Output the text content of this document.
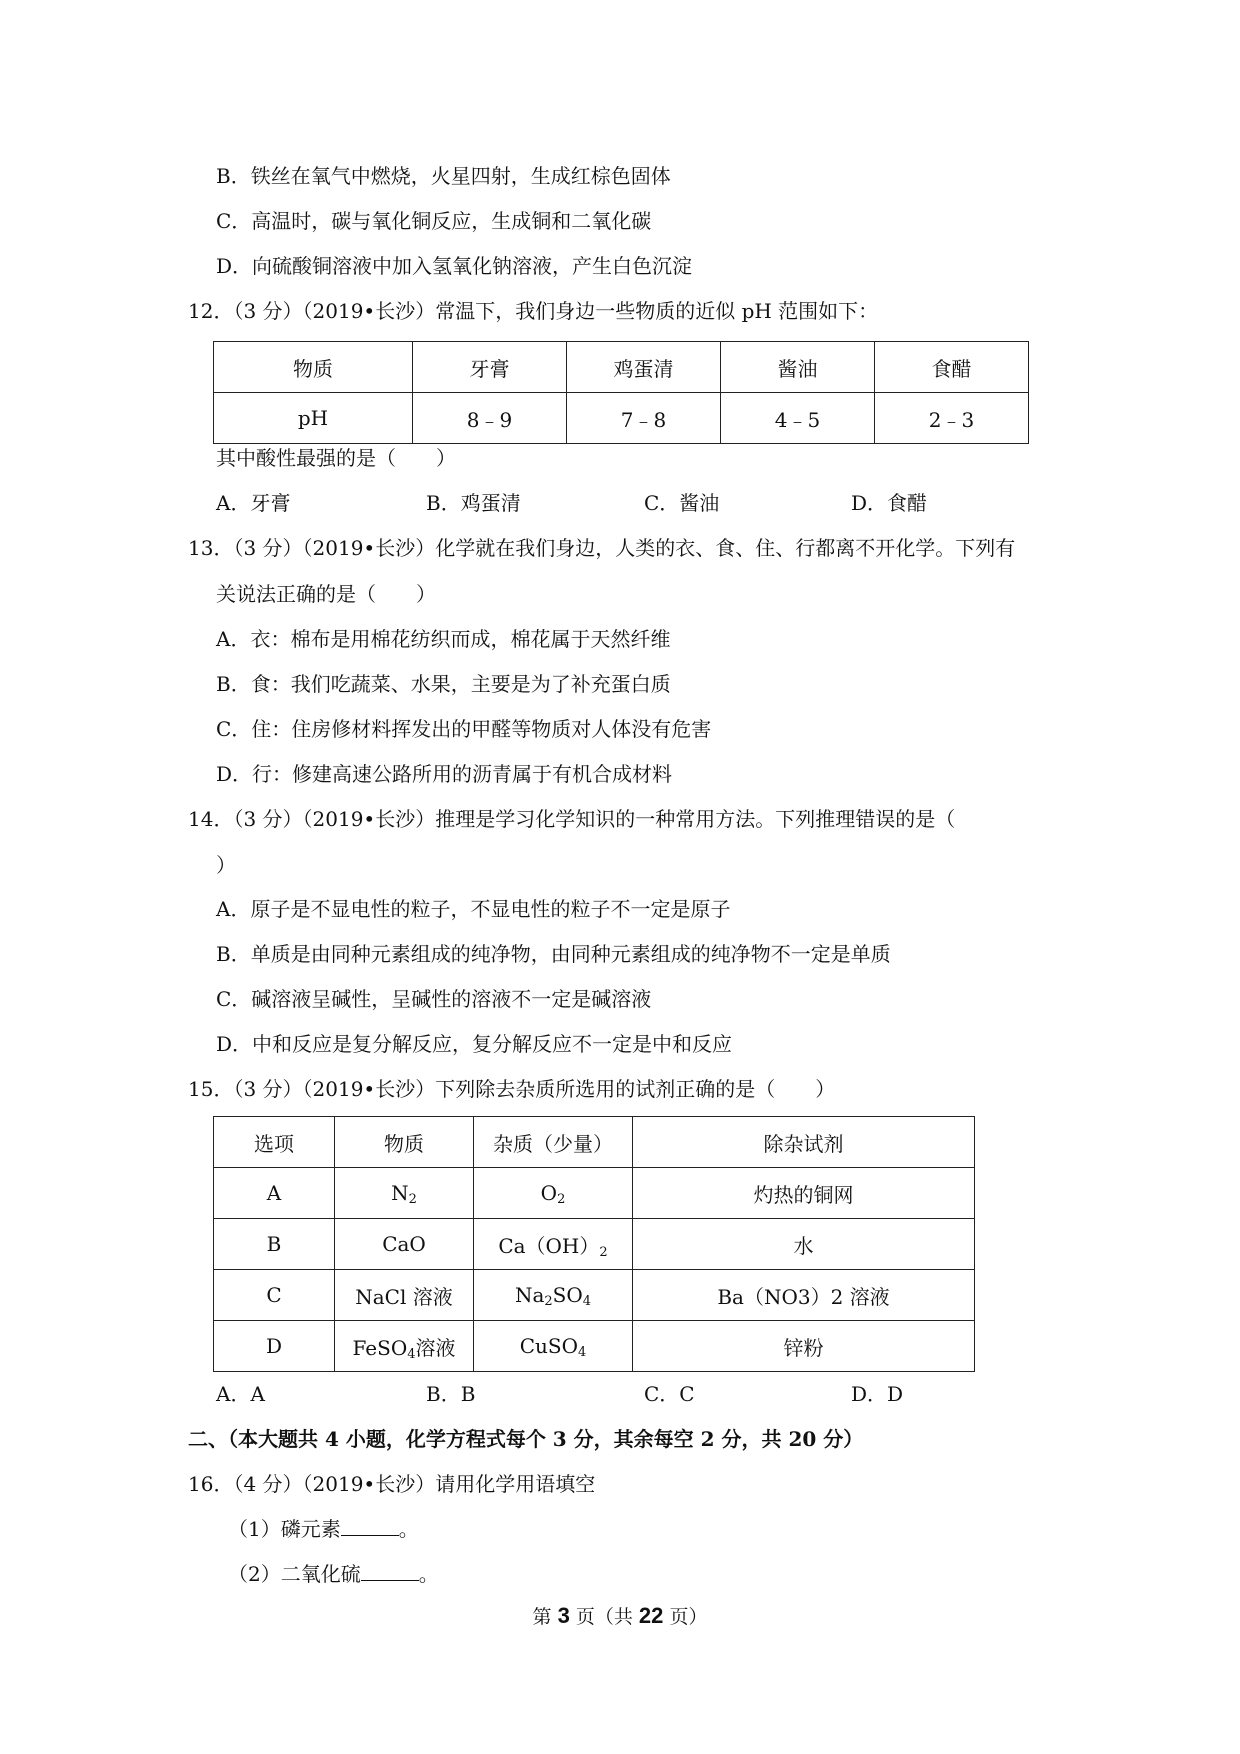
B．铁丝在氧气中燃烧，火星四射，生成红棕色固体
C．高温时，碳与氧化铜反应，生成铜和二氧化碳
D．向硫酸铜溶液中加入氢氧化钠溶液，产生白色沉淀
12．（3 分）（2019•长沙）常温下，我们身边一些物质的近似 pH 范围如下：
物质	牙膏	鸡蛋清	酱油	食醋
pH	8﹣9	7﹣8	4﹣5	2﹣3
其中酸性最强的是（　　）
A．牙膏	B．鸡蛋清	C．酱油	D．食醋
13．（3 分）（2019•长沙）化学就在我们身边，人类的衣、食、住、行都离不开化学。下列有
关说法正确的是（　　）
A．衣：棉布是用棉花纺织而成，棉花属于天然纤维
B．食：我们吃蔬菜、水果，主要是为了补充蛋白质
C．住：住房修材料挥发出的甲醛等物质对人体没有危害
D．行：修建高速公路所用的沥青属于有机合成材料
14．（3 分）（2019•长沙）推理是学习化学知识的一种常用方法。下列推理错误的是（
）
A．原子是不显电性的粒子，不显电性的粒子不一定是原子
B．单质是由同种元素组成的纯净物，由同种元素组成的纯净物不一定是单质
C．碱溶液呈碱性，呈碱性的溶液不一定是碱溶液
D．中和反应是复分解反应，复分解反应不一定是中和反应
15．（3 分）（2019•长沙）下列除去杂质所选用的试剂正确的是（　　）
选项	物质	杂质（少量）	除杂试剂
A	$N_2$	$O_2$	灼热的铜网
B	CaO	$Ca(OH)_2$	水
C	NaCl 溶液	$Na_2SO_4$	Ba（NO3）2 溶液
D	FeSO$_4$溶液	CuSO$_4$	锌粉
A．A	B．B	C．C	D．D
二、（本大题共 4 小题，化学方程式每个 3 分，其余每空 2 分，共 20 分）
16．（4 分）（2019•长沙）请用化学用语填空
（1）磷元素	。
（2）二氧化硫	。
第 3 页（共 22 页）
